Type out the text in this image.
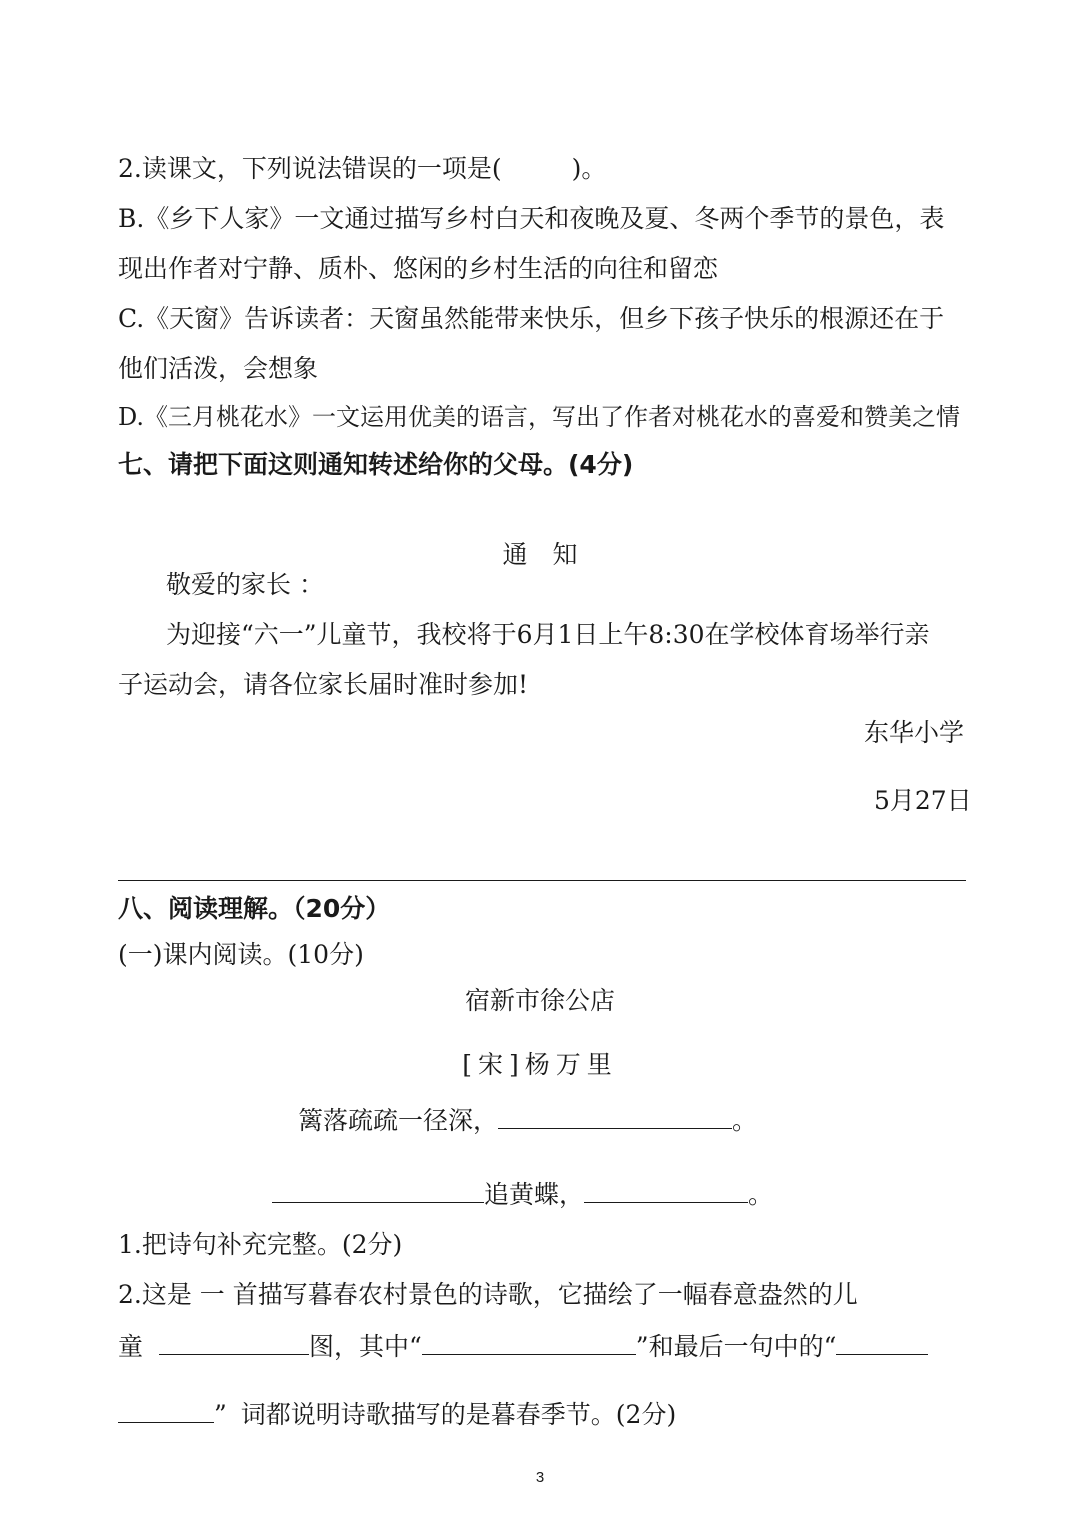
2.读课文，下列说法错误的一项是(	)。
B.《乡下人家》一文通过描写乡村白天和夜晚及夏、冬两个季节的景色，表
现出作者对宁静、质朴、悠闲的乡村生活的向往和留恋
C.《天窗》告诉读者：天窗虽然能带来快乐，但乡下孩子快乐的根源还在于
他们活泼，会想象
D.《三月桃花水》一文运用优美的语言，写出了作者对桃花水的喜爱和赞美之情
七、请把下面这则通知转述给你的父母。(4分)
通　知
敬爱的家长 ：
为迎接“六一”儿童节，我校将于6月1日上午8:30在学校体育场举行亲
子运动会，请各位家长届时准时参加!
东华小学
5月27日
八、阅读理解。（20分）
(一)课内阅读。(10分)
宿新市徐公店
[宋]杨万里
篱落疏疏一径深，	。
追黄蝶，	。
1.把诗句补充完整。(2分)
2.这是 一 首描写暮春农村景色的诗歌，它描绘了一幅春意盎然的儿
童	图，其中“	”和最后一句中的“
” 词都说明诗歌描写的是暮春季节。(2分)
3
